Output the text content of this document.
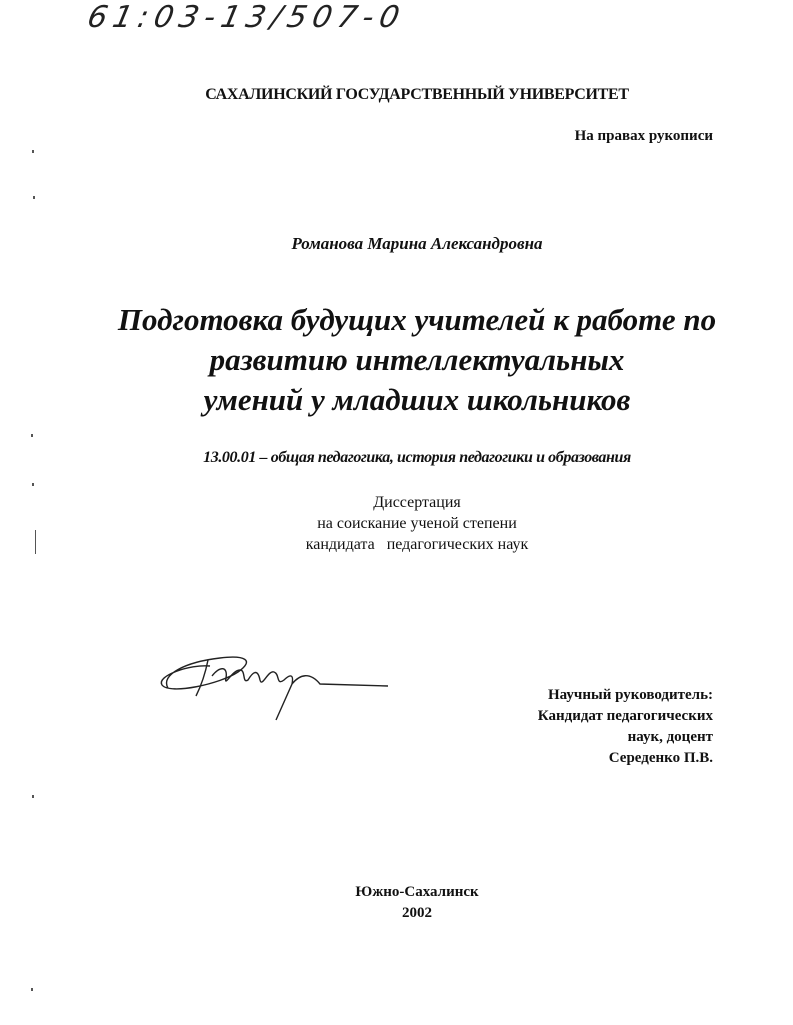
61:03-13/507-0
САХАЛИНСКИЙ ГОСУДАРСТВЕННЫЙ УНИВЕРСИТЕТ
На правах рукописи
Романова Марина Александровна
Подготовка будущих учителей к работе по
развитию интеллектуальных
умений у младших школьников
13.00.01 – общая педагогика, история педагогики и образования
Диссертация
на соискание ученой степени
кандидата   педагогических наук
Научный руководитель:
Кандидат педагогических
наук, доцент
Середенко П.В.
Южно-Сахалинск
2002
